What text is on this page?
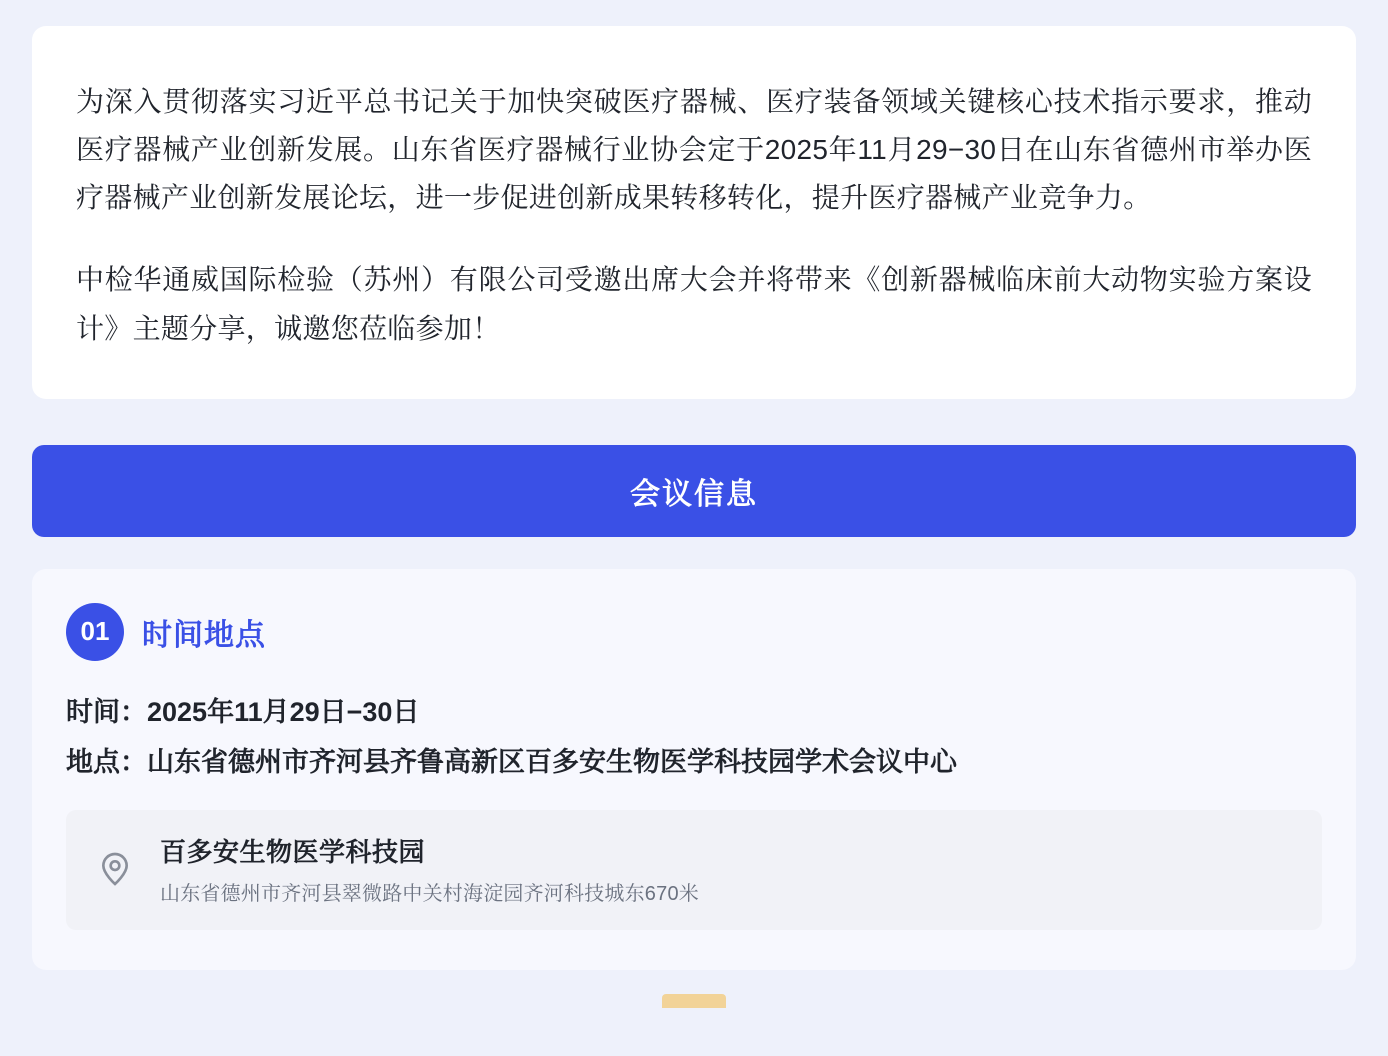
为深入贯彻落实习近平总书记关于加快突破医疗器械、医疗装备领域关键核心技术指示要求，推动医疗器械产业创新发展。山东省医疗器械行业协会定于2025年11月29−30日在山东省德州市举办医疗器械产业创新发展论坛，进一步促进创新成果转移转化，提升医疗器械产业竞争力。

中检华通威国际检验（苏州）有限公司受邀出席大会并将带来《创新器械临床前大动物实验方案设计》主题分享，诚邀您莅临参加！

会议信息
01	时间地点
时间：2025年11月29日−30日
地点：山东省德州市齐河县齐鲁高新区百多安生物医学科技园学术会议中心
百多安生物医学科技园
山东省德州市齐河县翠微路中关村海淀园齐河科技城东670米
